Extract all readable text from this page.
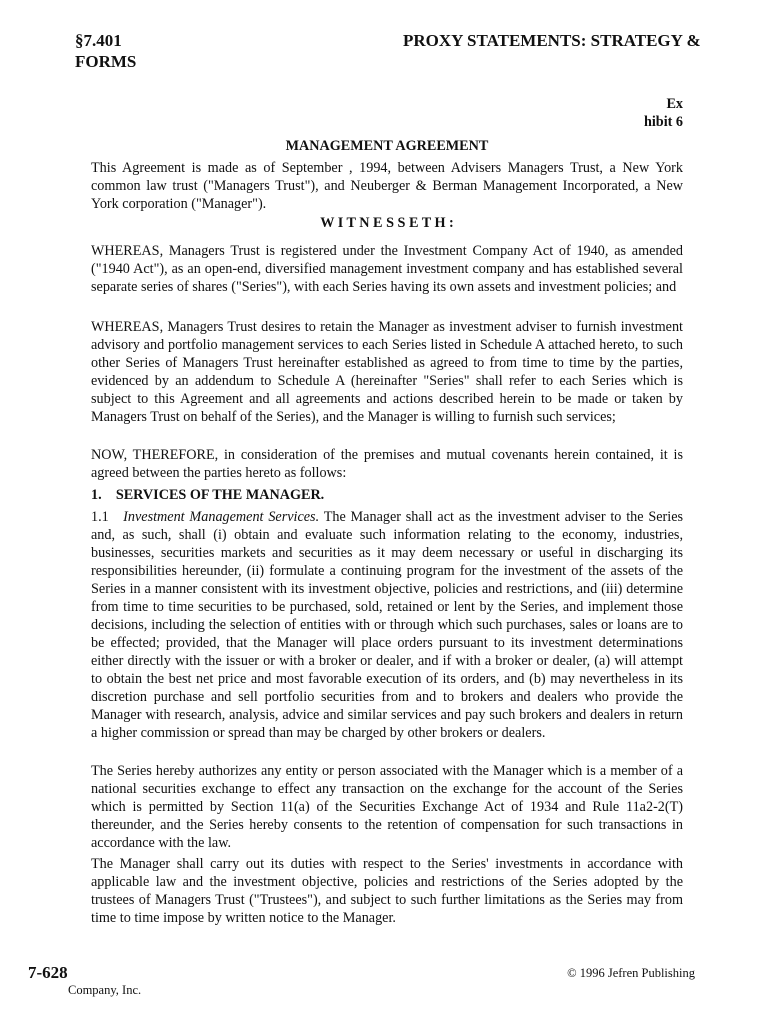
§7.401
FORMS
PROXY STATEMENTS: STRATEGY &
Ex
hibit 6
MANAGEMENT AGREEMENT

This Agreement is made as of September , 1994, between Advisers Managers Trust, a New York common law trust ("Managers Trust"), and Neuberger & Berman Management Incorporated, a New York corporation ("Manager").

W I T N E S S E T H :

WHEREAS, Managers Trust is registered under the Investment Company Act of 1940, as amended ("1940 Act"), as an open-end, diversified management investment company and has established several separate series of shares ("Series"), with each Series having its own assets and investment policies; and

WHEREAS, Managers Trust desires to retain the Manager as investment adviser to furnish investment advisory and portfolio management services to each Series listed in Schedule A attached hereto, to such other Series of Managers Trust hereinafter established as agreed to from time to time by the parties, evidenced by an addendum to Schedule A (hereinafter "Series" shall refer to each Series which is subject to this Agreement and all agreements and actions described herein to be made or taken by Managers Trust on behalf of the Series), and the Manager is willing to furnish such services;

NOW, THEREFORE, in consideration of the premises and mutual covenants herein contained, it is agreed between the parties hereto as follows:

1.    SERVICES OF THE MANAGER.

1.1 Investment Management Services. The Manager shall act as the investment adviser to the Series and, as such, shall (i) obtain and evaluate such information relating to the economy, industries, businesses, securities markets and securities as it may deem necessary or useful in discharging its responsibilities hereunder, (ii) formulate a continuing program for the investment of the assets of the Series in a manner consistent with its investment objective, policies and restrictions, and (iii) determine from time to time securities to be purchased, sold, retained or lent by the Series, and implement those decisions, including the selection of entities with or through which such purchases, sales or loans are to be effected; provided, that the Manager will place orders pursuant to its investment determinations either directly with the issuer or with a broker or dealer, and if with a broker or dealer, (a) will attempt to obtain the best net price and most favorable execution of its orders, and (b) may nevertheless in its discretion purchase and sell portfolio securities from and to brokers and dealers who provide the Manager with research, analysis, advice and similar services and pay such brokers and dealers in return a higher commission or spread than may be charged by other brokers or dealers.

The Series hereby authorizes any entity or person associated with the Manager which is a member of a national securities exchange to effect any transaction on the exchange for the account of the Series which is permitted by Section 11(a) of the Securities Exchange Act of 1934 and Rule 11a2-2(T) thereunder, and the Series hereby consents to the retention of compensation for such transactions in accordance with the law.

The Manager shall carry out its duties with respect to the Series' investments in accordance with applicable law and the investment objective, policies and restrictions of the Series adopted by the trustees of Managers Trust ("Trustees"), and subject to such further limitations as the Series may from time to time impose by written notice to the Manager.

7-628	© 1996 Jefren Publishing
Company, Inc.
